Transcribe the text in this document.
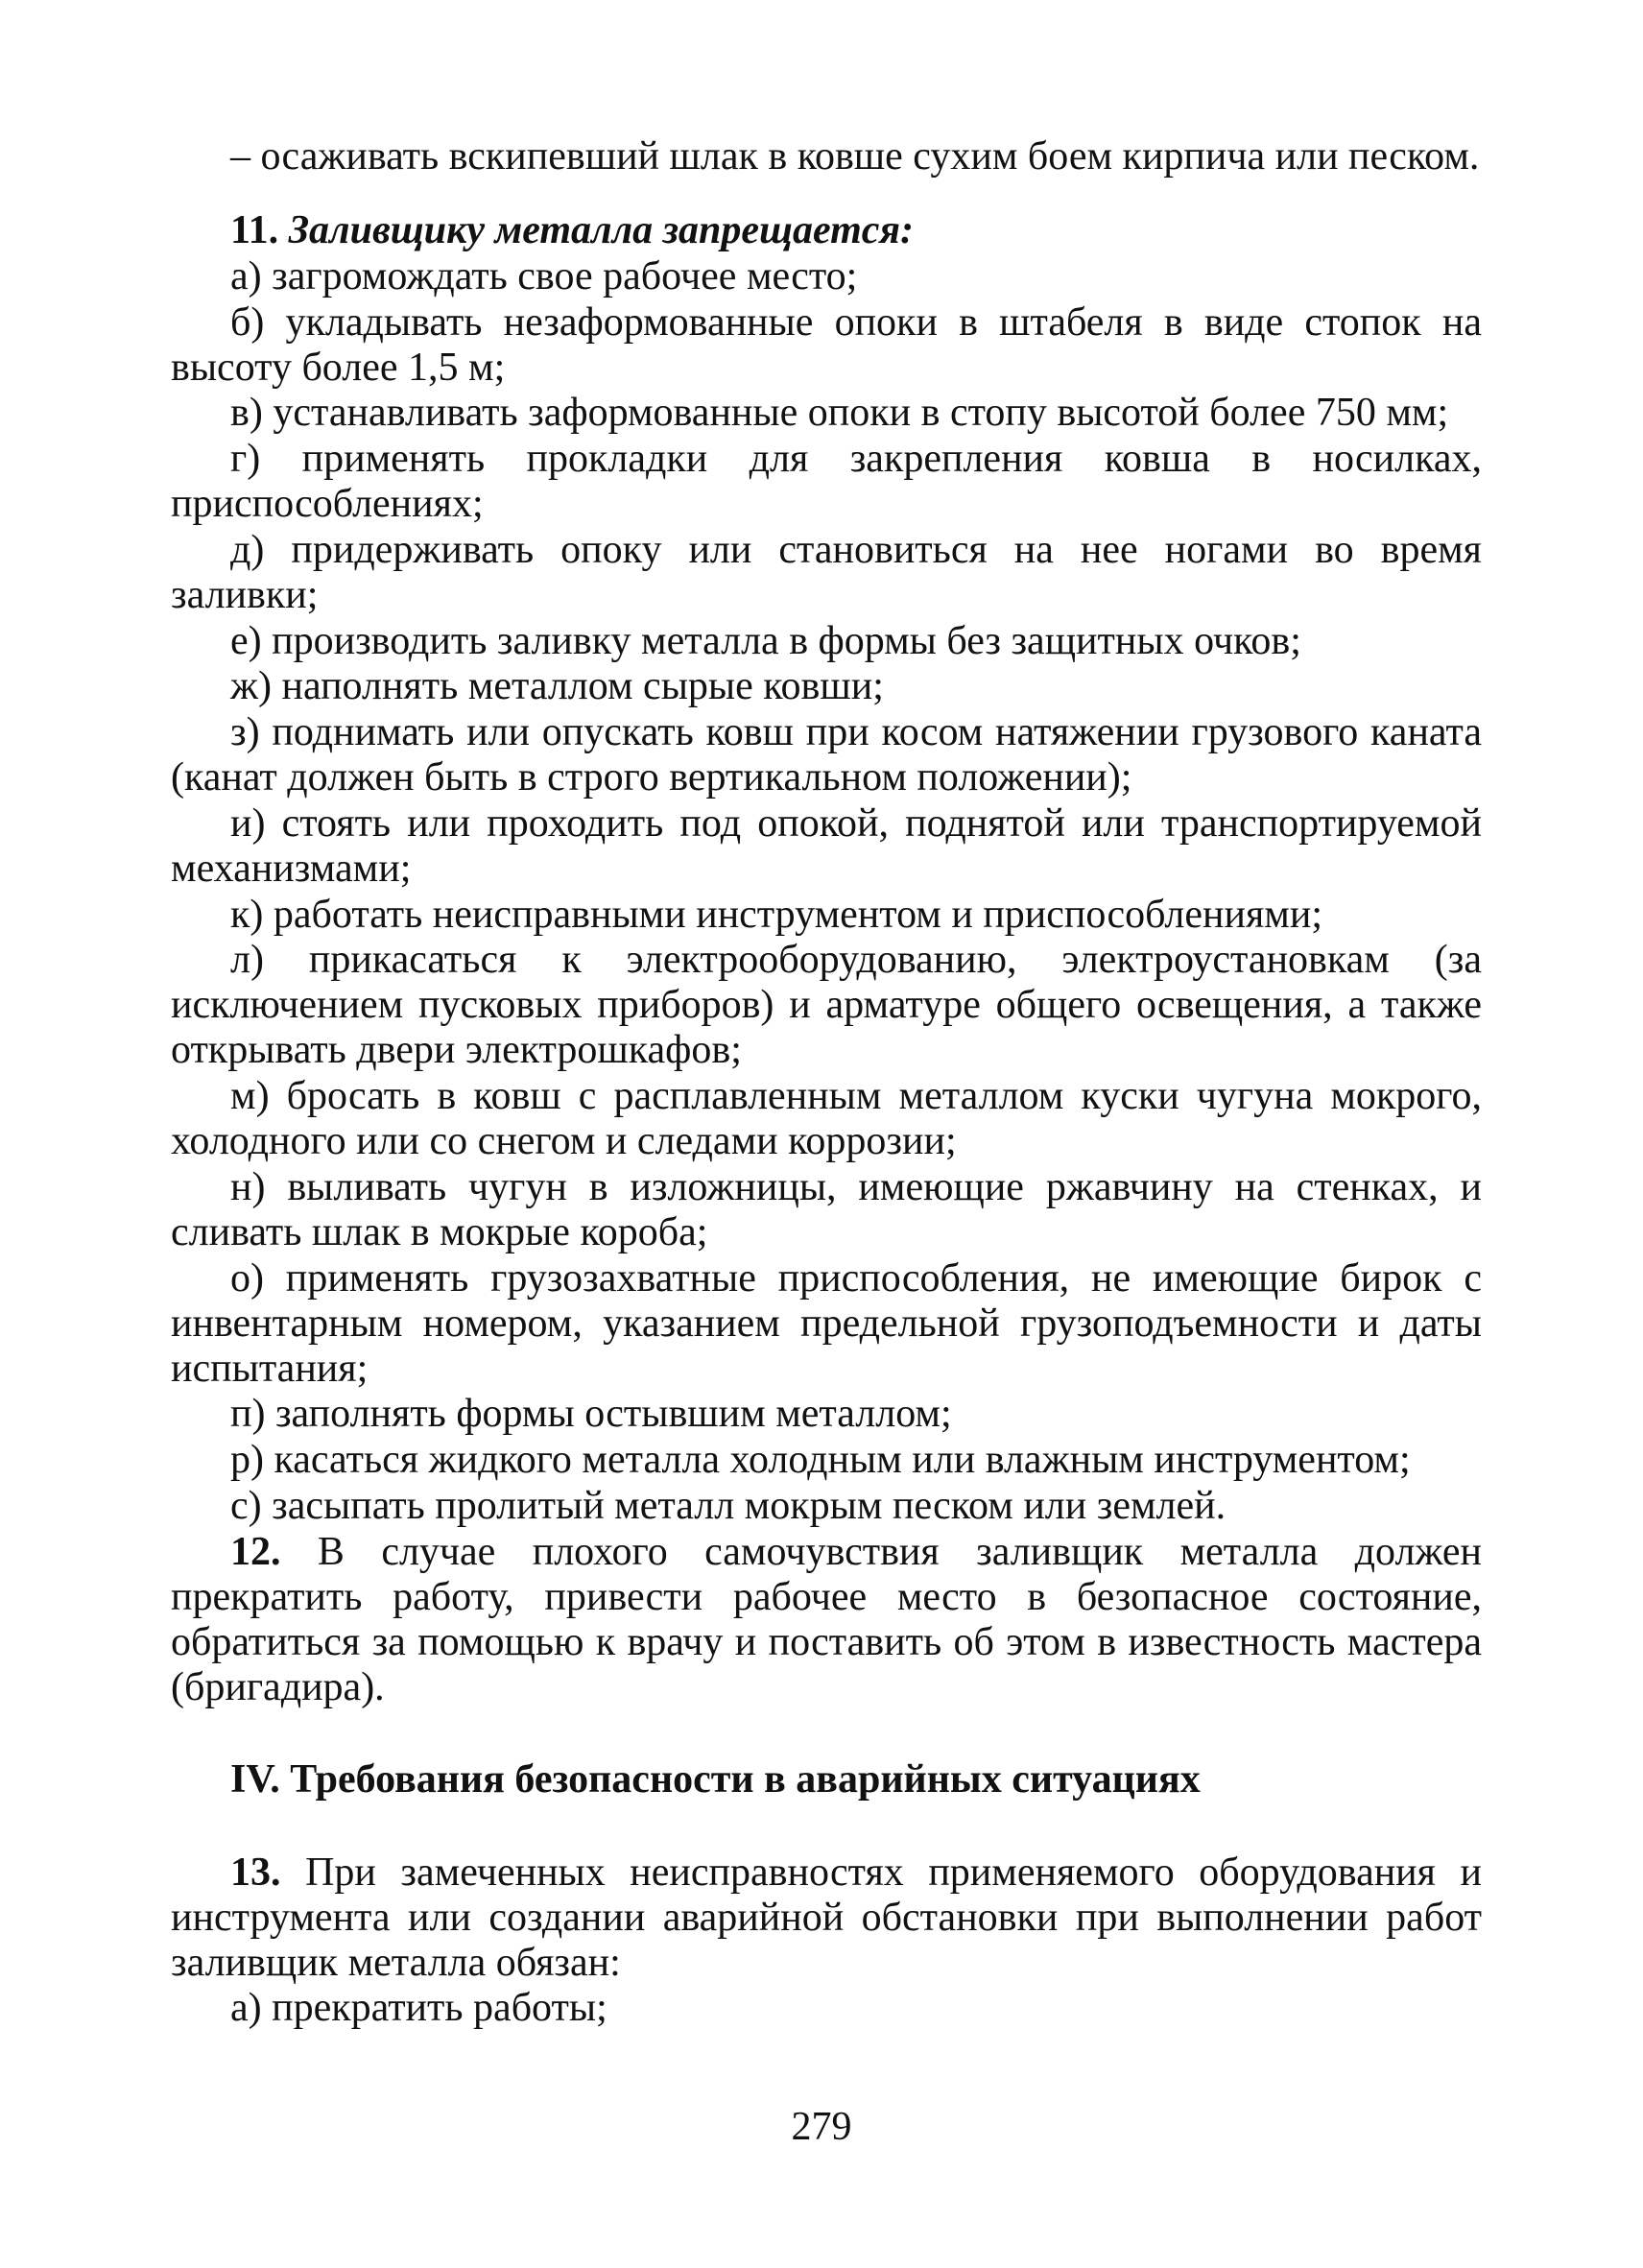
– осаживать вскипевший шлак в ковше сухим боем кирпича или песком.

11. Заливщику металла запрещается:

а) загромождать свое рабочее место;

б) укладывать незаформованные опоки в штабеля в виде стопок на высоту более 1,5 м;

в) устанавливать заформованные опоки в стопу высотой более 750 мм;

г) применять прокладки для закрепления ковша в носилках, приспособлениях;

д) придерживать опоку или становиться на нее ногами во время заливки;

е) производить заливку металла в формы без защитных очков;

ж) наполнять металлом сырые ковши;

з) поднимать или опускать ковш при косом натяжении грузового каната (канат должен быть в строго вертикальном положении);

и) стоять или проходить под опокой, поднятой или транспортируемой механизмами;

к) работать неисправными инструментом и приспособлениями;

л) прикасаться к электрооборудованию, электроустановкам (за исключением пусковых приборов) и арматуре общего освещения, а также открывать двери электрошкафов;

м) бросать в ковш с расплавленным металлом куски чугуна мокрого, холодного или со снегом и следами коррозии;

н) выливать чугун в изложницы, имеющие ржавчину на стенках, и сливать шлак в мокрые короба;

о) применять грузозахватные приспособления, не имеющие бирок с инвентарным номером, указанием предельной грузоподъемности и даты испытания;

п) заполнять формы остывшим металлом;

р) касаться жидкого металла холодным или влажным инструментом;

с) засыпать пролитый металл мокрым песком или землей.

12. В случае плохого самочувствия заливщик металла должен прекратить работу, привести рабочее место в безопасное состояние, обратиться за помощью к врачу и поставить об этом в известность мастера (бригадира).

IV. Требования безопасности в аварийных ситуациях

13. При замеченных неисправностях применяемого оборудования и инструмента или создании аварийной обстановки при выполнении работ заливщик металла обязан:

а) прекратить работы;

279
